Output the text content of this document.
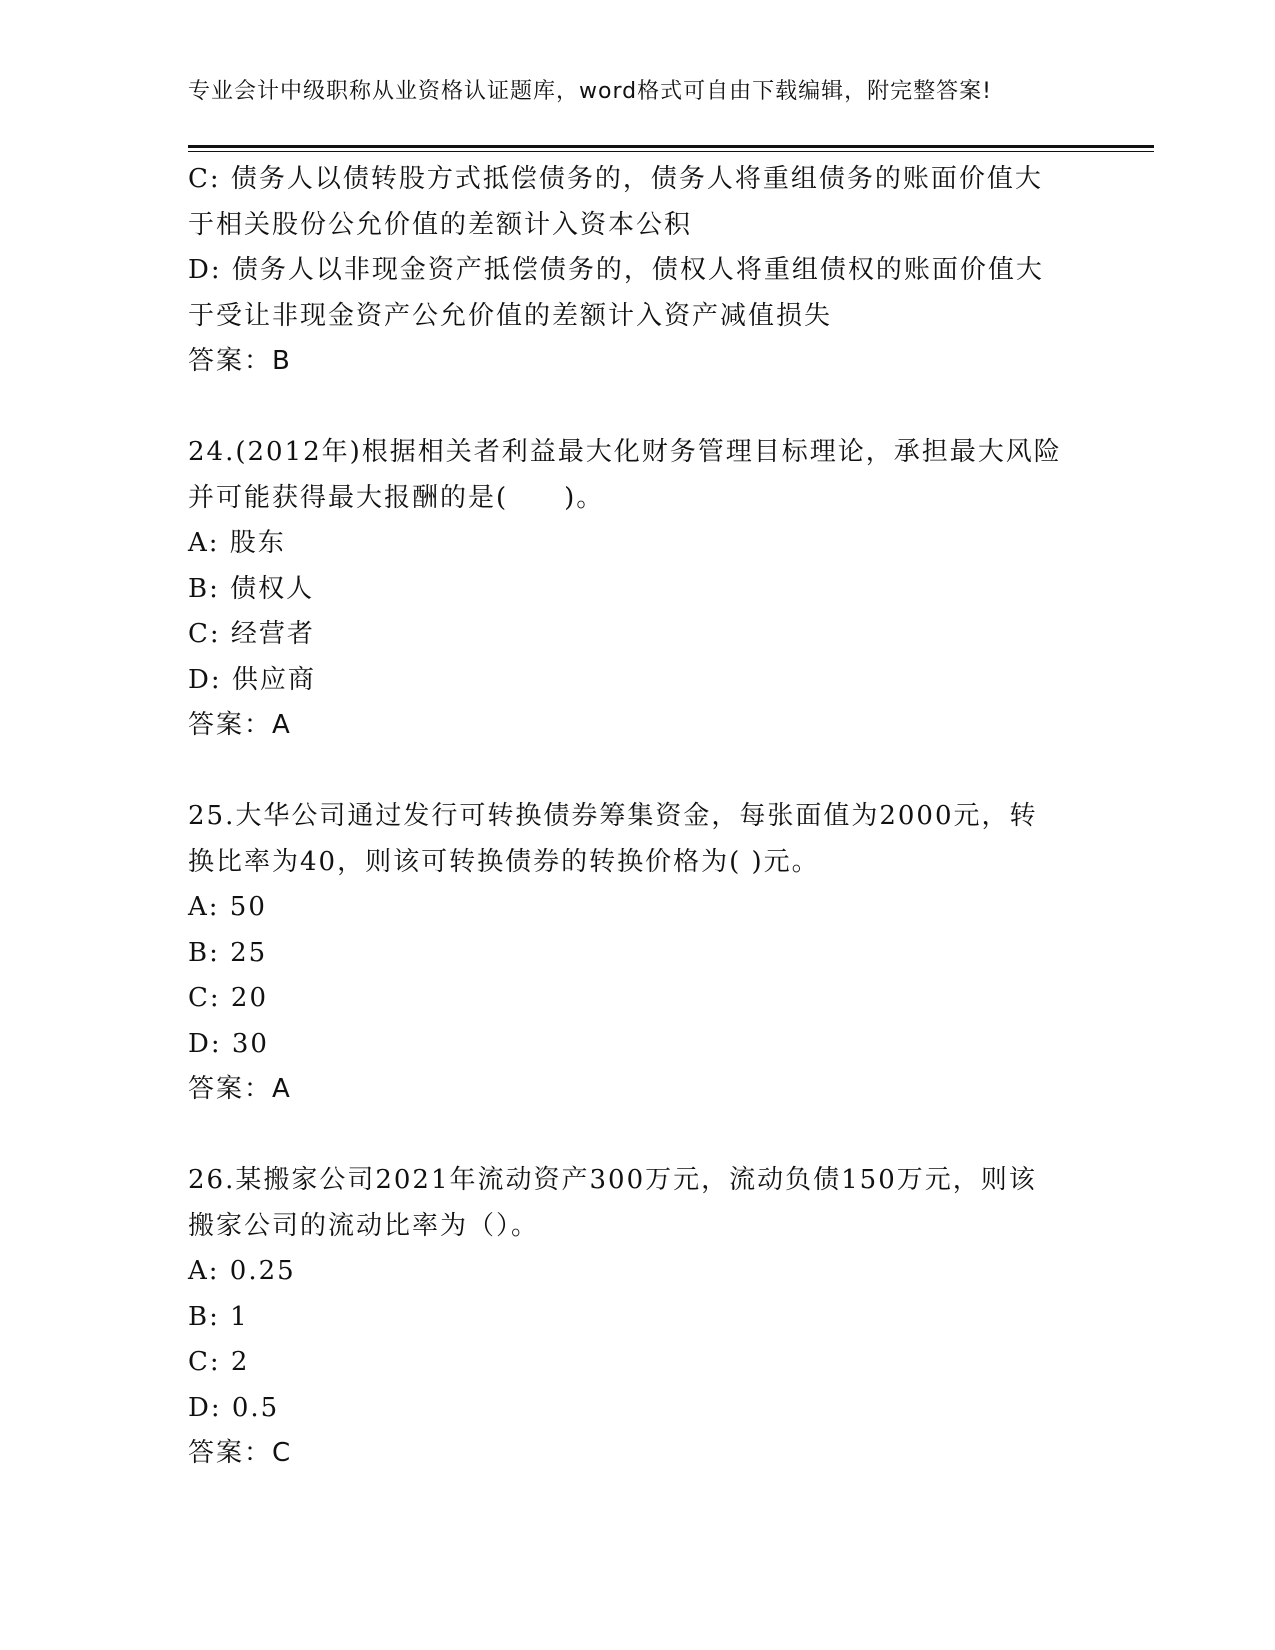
专业会计中级职称从业资格认证题库，word格式可自由下载编辑，附完整答案!
C: 债务人以债转股方式抵偿债务的，债务人将重组债务的账面价值大
于相关股份公允价值的差额计入资本公积
D: 债务人以非现金资产抵偿债务的，债权人将重组债权的账面价值大
于受让非现金资产公允价值的差额计入资产减值损失
答案：B
24.(2012年)根据相关者利益最大化财务管理目标理论，承担最大风险
并可能获得最大报酬的是(　　)。
A: 股东
B: 债权人
C: 经营者
D: 供应商
答案：A
25.大华公司通过发行可转换债券筹集资金，每张面值为2000元，转
换比率为40，则该可转换债券的转换价格为( )元。
A: 50
B: 25
C: 20
D: 30
答案：A
26.某搬家公司2021年流动资产300万元，流动负债150万元，则该
搬家公司的流动比率为（）。
A: 0.25
B: 1
C: 2
D: 0.5
答案：C
